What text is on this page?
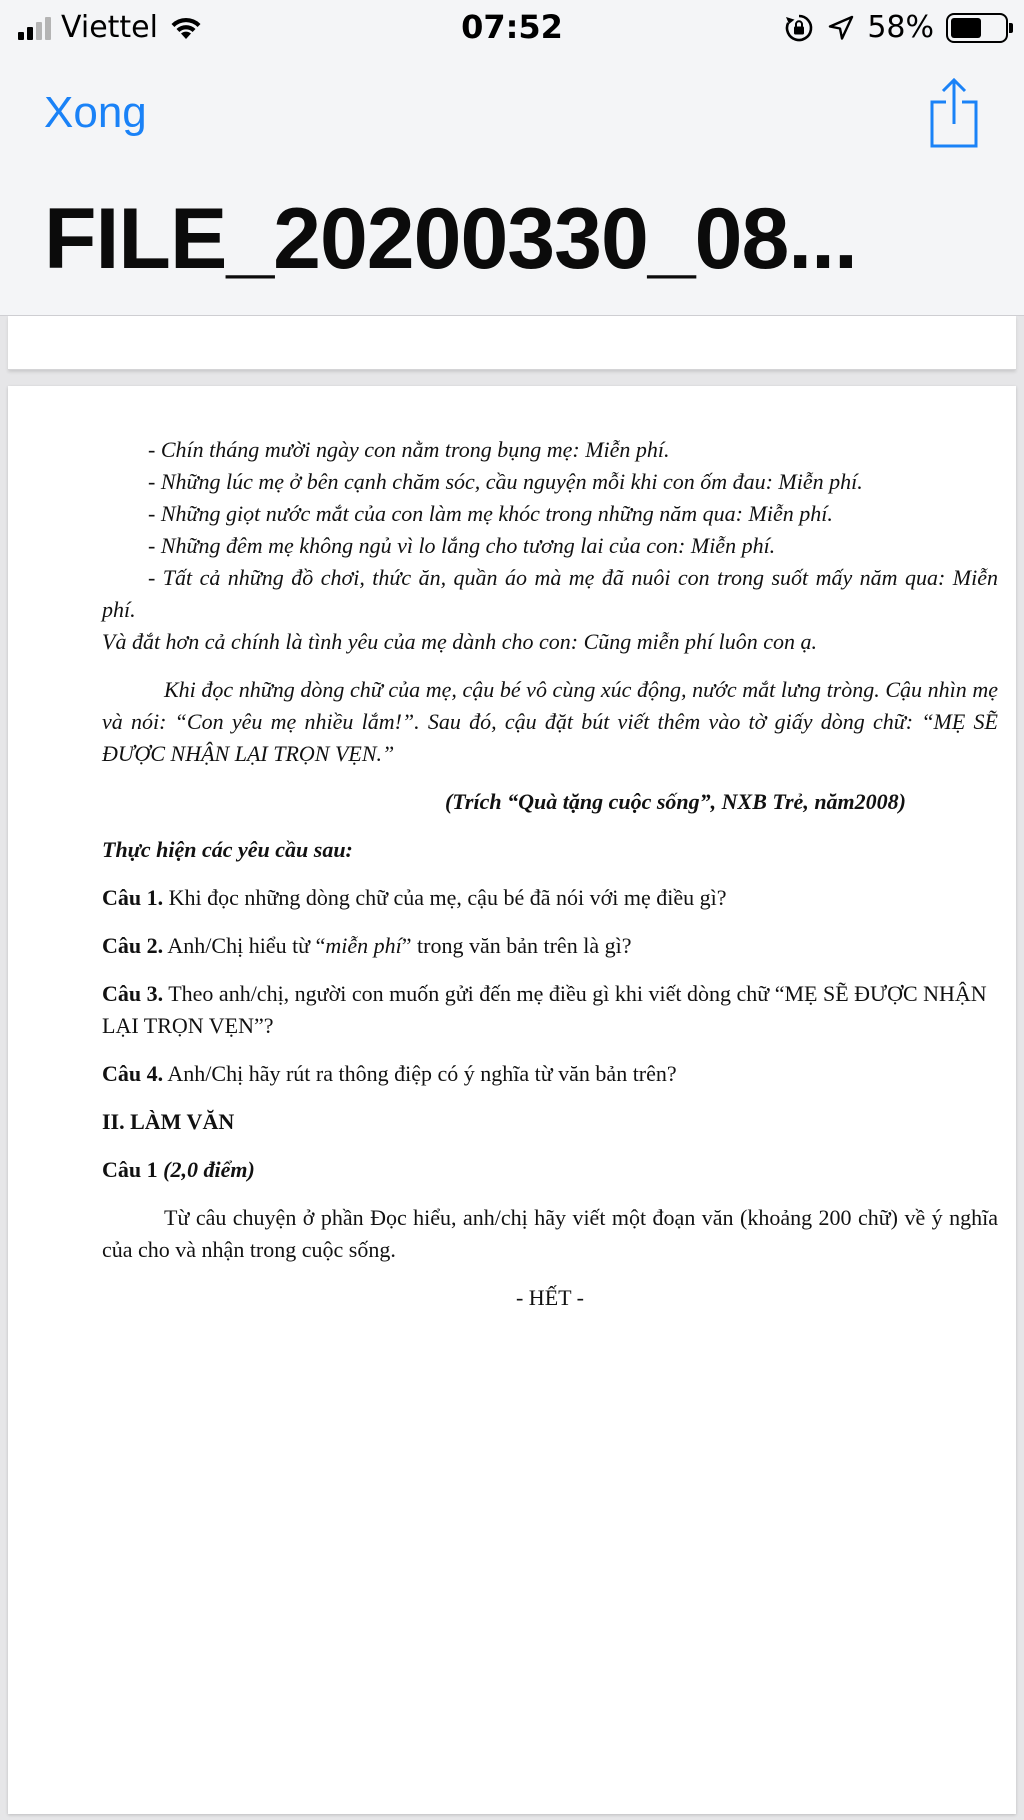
Viettel	07:52	58%
Xong
FILE_20200330_08...

- Chín tháng mười ngày con nằm trong bụng mẹ: Miễn phí.

- Những lúc mẹ ở bên cạnh chăm sóc, cầu nguyện mỗi khi con ốm đau: Miễn phí.

- Những giọt nước mắt của con làm mẹ khóc trong những năm qua: Miễn phí.

- Những đêm mẹ không ngủ vì lo lắng cho tương lai của con: Miễn phí.

- Tất cả những đồ chơi, thức ăn, quần áo mà mẹ đã nuôi con trong suốt mấy năm qua: Miễn phí.

Và đắt hơn cả chính là tình yêu của mẹ dành cho con: Cũng miễn phí luôn con ạ.

Khi đọc những dòng chữ của mẹ, cậu bé vô cùng xúc động, nước mắt lưng tròng. Cậu nhìn mẹ và nói: “Con yêu mẹ nhiều lắm!”. Sau đó, cậu đặt bút viết thêm vào tờ giấy dòng chữ: “MẸ SẼ ĐƯỢC NHẬN LẠI TRỌN VẸN.”

(Trích “Quà tặng cuộc sống”, NXB Trẻ, năm2008)

Thực hiện các yêu cầu sau:

Câu 1. Khi đọc những dòng chữ của mẹ, cậu bé đã nói với mẹ điều gì?

Câu 2. Anh/Chị hiểu từ “miễn phí” trong văn bản trên là gì?

Câu 3. Theo anh/chị, người con muốn gửi đến mẹ điều gì khi viết dòng chữ “MẸ SẼ ĐƯỢC NHẬN LẠI TRỌN VẸN”?

Câu 4. Anh/Chị hãy rút ra thông điệp có ý nghĩa từ văn bản trên?

II. LÀM VĂN

Câu 1 (2,0 điểm)

Từ câu chuyện ở phần Đọc hiểu, anh/chị hãy viết một đoạn văn (khoảng 200 chữ) về ý nghĩa của cho và nhận trong cuộc sống.

- HẾT -
